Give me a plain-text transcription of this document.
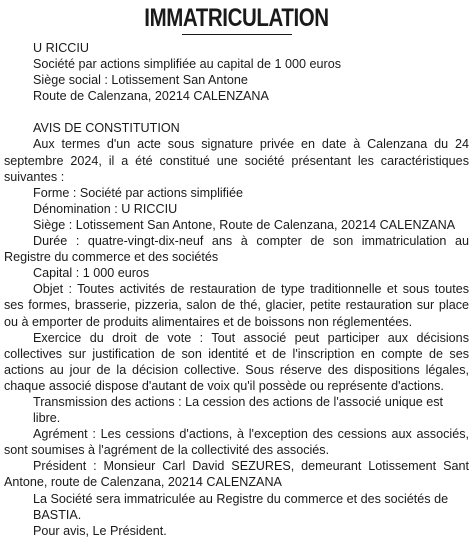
IMMATRICULATION

U RICCIU

Société par actions simplifiée au capital de 1 000 euros

Siège social : Lotissement San Antone

Route de Calenzana, 20214 CALENZANA

AVIS DE CONSTITUTION

Aux termes d'un acte sous signature privée en date à Calenzana du 24 septembre 2024, il a été constitué une société présentant les caractéristiques suivantes :

Forme : Société par actions simplifiée

Dénomination : U RICCIU

Siège : Lotissement San Antone, Route de Calenzana, 20214 CALENZANA

Durée : quatre-vingt-dix-neuf ans à compter de son immatriculation au Registre du commerce et des sociétés

Capital : 1 000 euros

Objet : Toutes activités de restauration de type traditionnelle et sous toutes ses formes, brasserie, pizzeria, salon de thé, glacier, petite restauration sur place ou à emporter de produits alimentaires et de boissons non réglementées.

Exercice du droit de vote : Tout associé peut participer aux décisions collectives sur justification de son identité et de l'inscription en compte de ses actions au jour de la décision collective. Sous réserve des dispositions légales, chaque associé dispose d'autant de voix qu'il possède ou représente d'actions.

Transmission des actions : La cession des actions de l'associé unique est libre.

Agrément : Les cessions d'actions, à l'exception des cessions aux associés, sont soumises à l'agrément de la collectivité des associés.

Président : Monsieur Carl David SEZURES, demeurant Lotissement Sant Antone, route de Calenzana, 20214 CALENZANA

La Société sera immatriculée au Registre du commerce et des sociétés de BASTIA.

Pour avis, Le Président.
